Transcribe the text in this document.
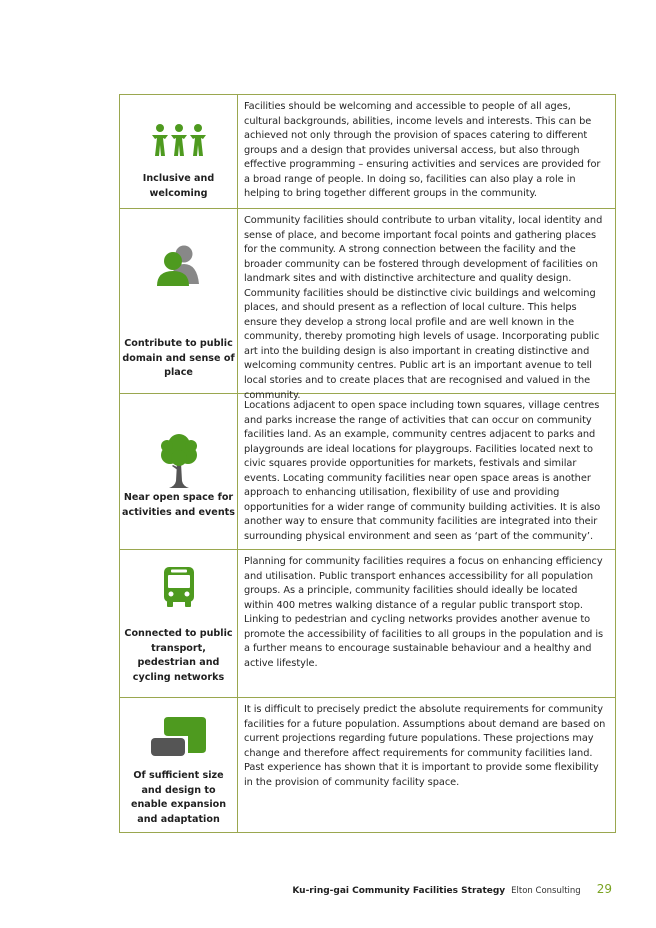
Inclusive and welcoming
Facilities should be welcoming and accessible to people of all ages, cultural backgrounds, abilities, income levels and interests. This can be achieved not only through the provision of spaces catering to different groups and a design that provides universal access, but also through effective programming – ensuring activities and services are provided for a broad range of people. In doing so, facilities can also play a role in helping to bring together different groups in the community.
Contribute to public domain and sense of place
Community facilities should contribute to urban vitality, local identity and sense of place, and become important focal points and gathering places for the community. A strong connection between the facility and the broader community can be fostered through development of facilities on landmark sites and with distinctive architecture and quality design. Community facilities should be distinctive civic buildings and welcoming places, and should present as a reflection of local culture. This helps ensure they develop a strong local profile and are well known in the community, thereby promoting high levels of usage. Incorporating public art into the building design is also important in creating distinctive and welcoming community centres. Public art is an important avenue to tell local stories and to create places that are recognised and valued in the community.
Near open space for activities and events
Locations adjacent to open space including town squares, village centres and parks increase the range of activities that can occur on community facilities land. As an example, community centres adjacent to parks and playgrounds are ideal locations for playgroups. Facilities located next to civic squares provide opportunities for markets, festivals and similar events. Locating community facilities near open space areas is another approach to enhancing utilisation, flexibility of use and providing opportunities for a wider range of community building activities. It is also another way to ensure that community facilities are integrated into their surrounding physical environment and seen as ‘part of the community’.
Connected to public transport, pedestrian and cycling networks
Planning for community facilities requires a focus on enhancing efficiency and utilisation. Public transport enhances accessibility for all population groups. As a principle, community facilities should ideally be located within 400 metres walking distance of a regular public transport stop. Linking to pedestrian and cycling networks provides another avenue to promote the accessibility of facilities to all groups in the population and is a further means to encourage sustainable behaviour and a healthy and active lifestyle.
Of sufficient size and design to enable expansion and adaptation
It is difficult to precisely predict the absolute requirements for community facilities for a future population. Assumptions about demand are based on current projections regarding future populations. These projections may change and therefore affect requirements for community facilities land. Past experience has shown that it is important to provide some flexibility in the provision of community facility space.
Ku-ring-gai Community Facilities Strategy Elton Consulting 29
